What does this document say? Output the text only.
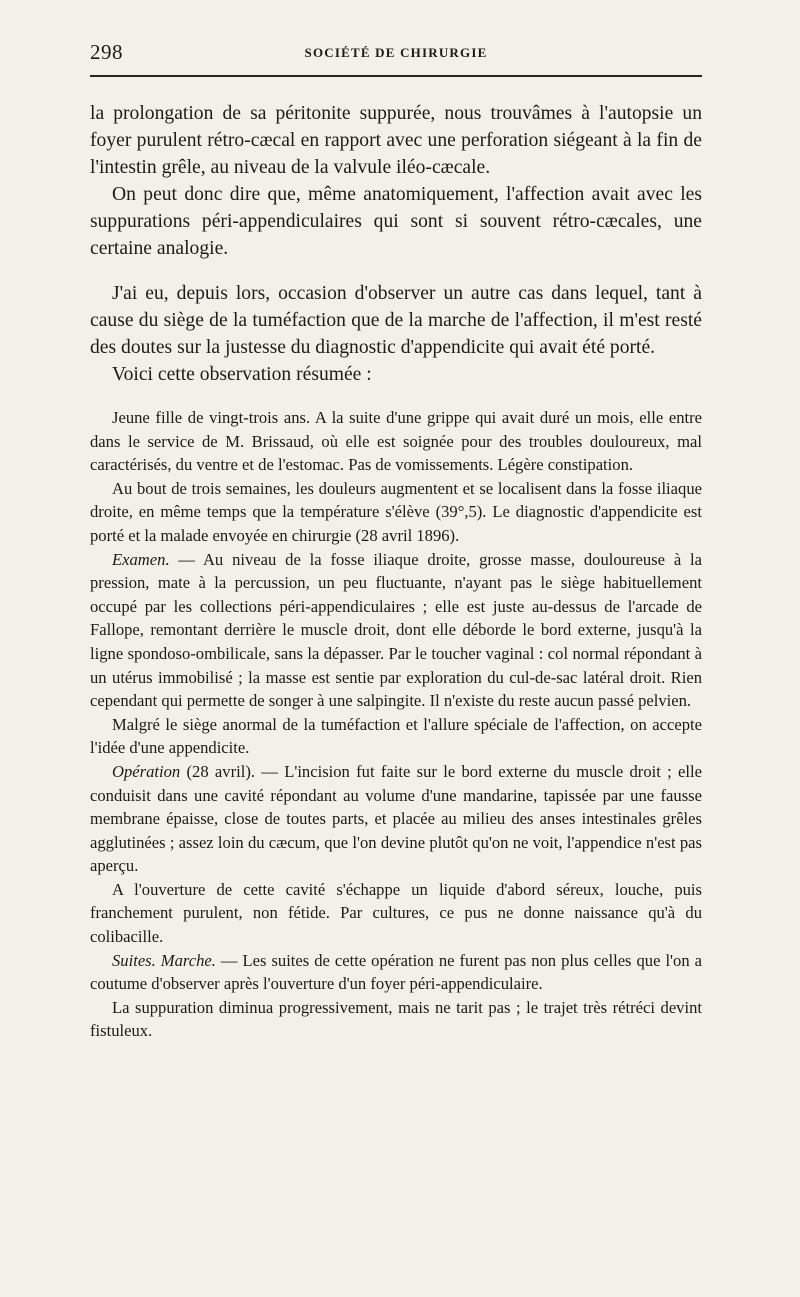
298	SOCIÉTÉ DE CHIRURGIE

la prolongation de sa péritonite suppurée, nous trouvâmes à l'autopsie un foyer purulent rétro-cæcal en rapport avec une perforation siégeant à la fin de l'intestin grêle, au niveau de la valvule iléo-cæcale.

On peut donc dire que, même anatomiquement, l'affection avait avec les suppurations péri-appendiculaires qui sont si souvent rétro-cæcales, une certaine analogie.

J'ai eu, depuis lors, occasion d'observer un autre cas dans lequel, tant à cause du siège de la tuméfaction que de la marche de l'affection, il m'est resté des doutes sur la justesse du diagnostic d'appendicite qui avait été porté.

Voici cette observation résumée :

Jeune fille de vingt-trois ans. A la suite d'une grippe qui avait duré un mois, elle entre dans le service de M. Brissaud, où elle est soignée pour des troubles douloureux, mal caractérisés, du ventre et de l'estomac. Pas de vomissements. Légère constipation.

Au bout de trois semaines, les douleurs augmentent et se localisent dans la fosse iliaque droite, en même temps que la température s'élève (39°,5). Le diagnostic d'appendicite est porté et la malade envoyée en chirurgie (28 avril 1896).

Examen. — Au niveau de la fosse iliaque droite, grosse masse, douloureuse à la pression, mate à la percussion, un peu fluctuante, n'ayant pas le siège habituellement occupé par les collections péri-appendiculaires ; elle est juste au-dessus de l'arcade de Fallope, remontant derrière le muscle droit, dont elle déborde le bord externe, jusqu'à la ligne spondoso-ombilicale, sans la dépasser. Par le toucher vaginal : col normal répondant à un utérus immobilisé ; la masse est sentie par exploration du cul-de-sac latéral droit. Rien cependant qui permette de songer à une salpingite. Il n'existe du reste aucun passé pelvien.

Malgré le siège anormal de la tuméfaction et l'allure spéciale de l'affection, on accepte l'idée d'une appendicite.

Opération (28 avril). — L'incision fut faite sur le bord externe du muscle droit ; elle conduisit dans une cavité répondant au volume d'une mandarine, tapissée par une fausse membrane épaisse, close de toutes parts, et placée au milieu des anses intestinales grêles agglutinées ; assez loin du cæcum, que l'on devine plutôt qu'on ne voit, l'appendice n'est pas aperçu.

A l'ouverture de cette cavité s'échappe un liquide d'abord séreux, louche, puis franchement purulent, non fétide. Par cultures, ce pus ne donne naissance qu'à du colibacille.

Suites. Marche. — Les suites de cette opération ne furent pas non plus celles que l'on a coutume d'observer après l'ouverture d'un foyer péri-appendiculaire.

La suppuration diminua progressivement, mais ne tarit pas ; le trajet très rétréci devint fistuleux.
